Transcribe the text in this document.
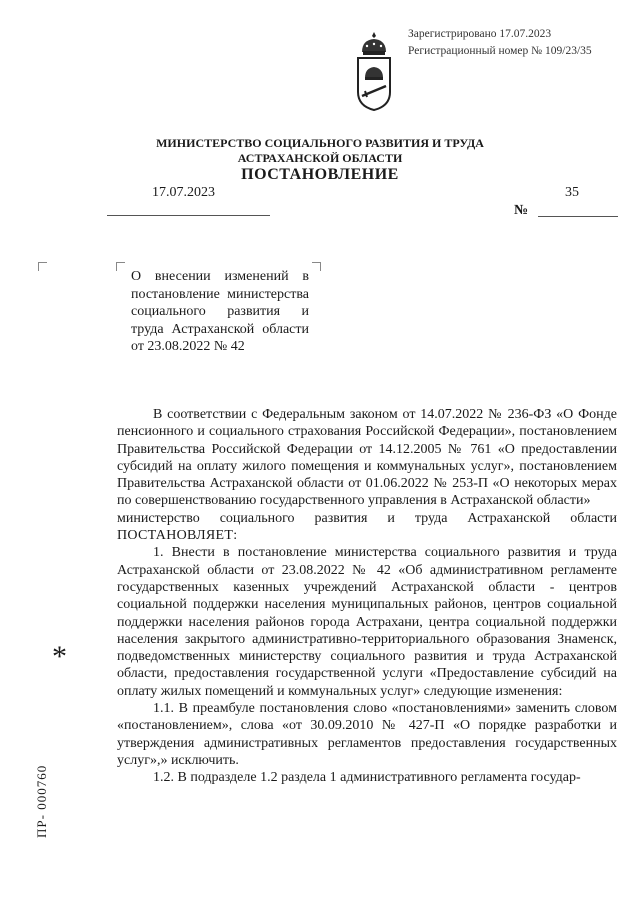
Зарегистрировано 17.07.2023
Регистрационный номер № 109/23/35
МИНИСТЕРСТВО СОЦИАЛЬНОГО РАЗВИТИЯ И ТРУДА
АСТРАХАНСКОЙ ОБЛАСТИ
ПОСТАНОВЛЕНИЕ
17.07.2023
№
35
О внесении изменений в постановление министерства социального развития и труда Астраханской области от 23.08.2022 № 42

В соответствии с Федеральным законом от 14.07.2022 № 236-ФЗ «О Фонде пенсионного и социального страхования Российской Федерации», постановлением Правительства Российской Федерации от 14.12.2005 № 761 «О предоставлении субсидий на оплату жилого помещения и коммунальных услуг», постановлением Правительства Астраханской области от 01.06.2022 № 253-П «О некоторых мерах по совершенствованию государственного управления в Астраханской области»

министерство социального развития и труда Астраханской области

ПОСТАНОВЛЯЕТ:

1. Внести в постановление министерства социального развития и труда Астраханской области от 23.08.2022 № 42 «Об административном регламенте государственных казенных учреждений Астраханской области - центров социальной поддержки населения муниципальных районов, центров социальной поддержки населения районов города Астрахани, центра социальной поддержки населения закрытого административно-территориального образования Знаменск, подведомственных министерству социального развития и труда Астраханской области, предоставления государственной услуги «Предоставление субсидий на оплату жилых помещений и коммунальных услуг» следующие изменения:

1.1. В преамбуле постановления слово «постановлениями» заменить словом «постановлением», слова «от 30.09.2010 № 427-П «О порядке разработки и утверждения административных регламентов предоставления государственных услуг»,» исключить.

1.2. В подразделе 1.2 раздела 1 административного регламента государ-

*
ПР- 000760
